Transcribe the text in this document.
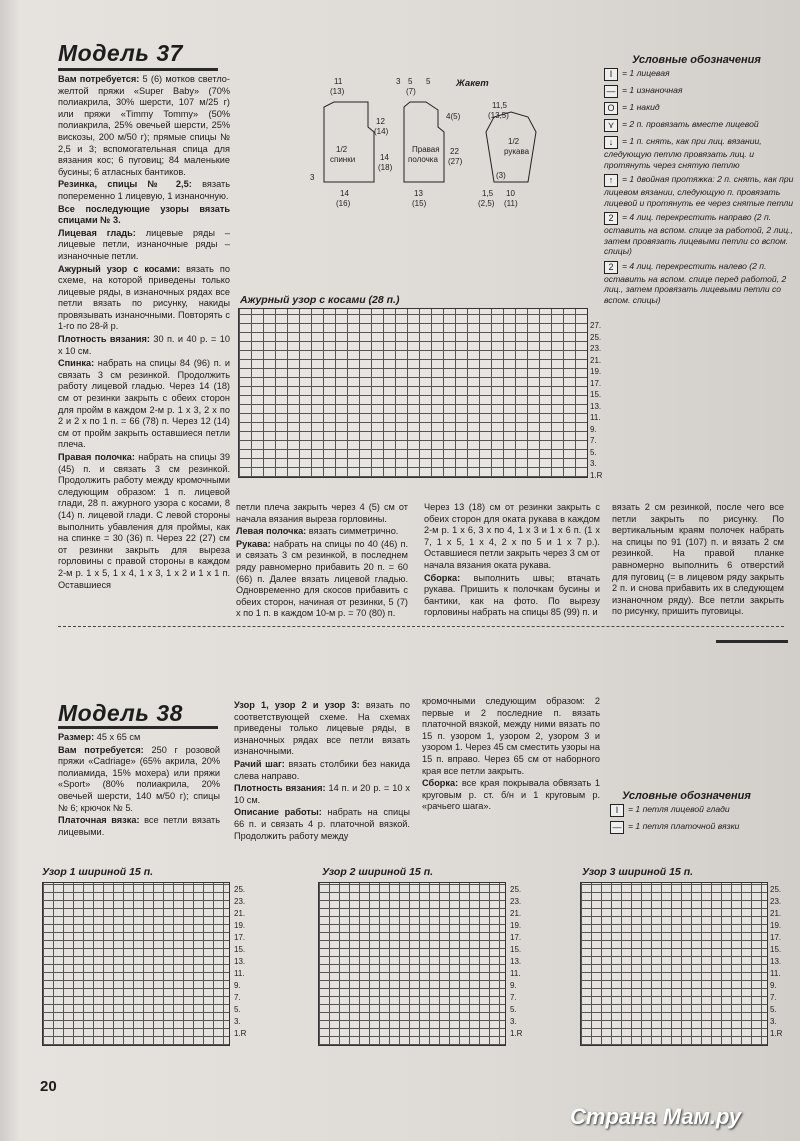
Модель 37

Вам потребуется: 5 (6) мотков светло-желтой пряжи «Super Baby» (70% полиакрила, 30% шерсти, 107 м/25 г) или пряжи «Timmy Tommy» (50% полиакрила, 25% овечьей шерсти, 25% вискозы, 200 м/50 г); прямые спицы № 2,5 и 3; вспомогательная спица для вязания кос; 6 пуговиц; 84 маленькие бусины; 6 атласных бантиков.

Резинка, спицы № 2,5: вязать попеременно 1 лицевую, 1 изнаночную.

Все последующие узоры вязать спицами № 3.

Лицевая гладь: лицевые ряды – лицевые петли, изнаночные ряды – изнаночные петли.

Ажурный узор с косами: вязать по схеме, на которой приведены только лицевые ряды, в изнаночных рядах все петли вязать по рисунку, накиды провязывать изнаночными. Повторять с 1-го по 28-й р.

Плотность вязания: 30 п. и 40 р. = 10 х 10 см.

Спинка: набрать на спицы 84 (96) п. и связать 3 см резинкой. Продолжить работу лицевой гладью. Через 14 (18) см от резинки закрыть с обеих сторон для пройм в каждом 2-м р. 1 х 3, 2 х по 2 и 2 х по 1 п. = 66 (78) п. Через 12 (14) см от пройм закрыть оставшиеся петли плеча.

Правая полочка: набрать на спицы 39 (45) п. и связать 3 см резинкой. Продолжить работу между кромочными следующим образом: 1 п. лицевой глади, 28 п. ажурного узора с косами, 8 (14) п. лицевой глади. С левой стороны выполнить убавления для проймы, как на спинке = 30 (36) п. Через 22 (27) см от резинки закрыть для выреза горловины с правой стороны в каждом 2-м р. 1 х 5, 1 х 4, 1 х 3, 1 х 2 и 1 х 1 п. Оставшиеся

11
(13)
3 5 5
(7)
11,5
(13,5)
12
(14)
4(5)
1/2
спинки	14
(18)
Правая
полочка
22
(27)
1/2
рукава
3	(3)
14
(16)
13
(15)
1,5
(2,5)
10
(11)
Жакет
Условные обозначения
I = 1 лицевая
— = 1 изнаночная
O = 1 накид
⋎ = 2 п. провязать вместе лицевой
↓ = 1 п. снять, как при лиц. вязании, следующую петлю провязать лиц. и протянуть через снятую петлю
↑ = 1 двойная протяжка: 2 п. снять, как при лицевом вязании, следующую п. провязать лицевой и протянуть ее через снятые петли
2 = 4 лиц. перекрестить направо (2 п. оставить на вспом. спице за работой, 2 лиц., затем провязать лицевыми петли со вспом. спицы)
2 = 4 лиц. перекрестить налево (2 п. оставить на вспом. спице перед работой, 2 лиц., затем провязать лицевыми петли со вспом. спицы)
Ажурный узор с косами (28 п.)
27.
25.
23.
21.
19.
17.
15.
13.
11.
9.
7.
5.
3.
1.R

петли плеча закрыть через 4 (5) см от начала вязания выреза горловины.

Левая полочка: вязать симметрично.

Рукава: набрать на спицы по 40 (46) п. и связать 3 см резинкой, в последнем ряду равномерно прибавить 20 п. = 60 (66) п. Далее вязать лицевой гладью. Одновременно для скосов прибавить с обеих сторон, начиная от резинки, 5 (7) х по 1 п. в каждом 10-м р. = 70 (80) п.

Через 13 (18) см от резинки закрыть с обеих сторон для оката рукава в каждом 2-м р. 1 х 6, 3 х по 4, 1 х 3 и 1 х 6 п. (1 х 7, 1 х 5, 1 х 4, 2 х по 5 и 1 х 7 р.). Оставшиеся петли закрыть через 3 см от начала вязания оката рукава.

Сборка: выполнить швы; втачать рукава. Пришить к полочкам бусины и бантики, как на фото. По вырезу горловины набрать на спицы 85 (99) п. и

вязать 2 см резинкой, после чего все петли закрыть по рисунку. По вертикальным краям полочек набрать на спицы по 91 (107) п. и вязать 2 см резинкой. На правой планке равномерно выполнить 6 отверстий для пуговиц (= в лицевом ряду закрыть 2 п. и снова прибавить их в следующем изнаночном ряду). Все петли закрыть по рисунку, пришить пуговицы.

Модель 38

Размер: 45 х 65 см

Вам потребуется: 250 г розовой пряжи «Cadriage» (65% акрила, 20% полиамида, 15% мохера) или пряжи «Sport» (80% полиакрила, 20% овечьей шерсти, 140 м/50 г); спицы № 6; крючок № 5.

Платочная вязка: все петли вязать лицевыми.

Узор 1, узор 2 и узор 3: вязать по соответствующей схеме. На схемах приведены только лицевые ряды, в изнаночных рядах все петли вязать изнаночными.

Рачий шаг: вязать столбики без накида слева направо.

Плотность вязания: 14 п. и 20 р. = 10 х 10 см.

Описание работы: набрать на спицы 66 п. и связать 4 р. платочной вязкой. Продолжить работу между

кромочными следующим образом: 2 первые и 2 последние п. вязать платочной вязкой, между ними вязать по 15 п. узором 1, узором 2, узором 3 и узором 1. Через 45 см сместить узоры на 15 п. вправо. Через 65 см от наборного края все петли закрыть.

Сборка: все края покрывала обвязать 1 круговым р. ст. б/н и 1 круговым р. «рачьего шага».

Условные обозначения
I = 1 петля лицевой глади
— = 1 петля платочной вязки
Узор 1 шириной 15 п.
25.
23.
21.
19.
17.
15.
13.
11.
9.
7.
5.
3.
1.R
Узор 2 шириной 15 п.
25.
23.
21.
19.
17.
15.
13.
11.
9.
7.
5.
3.
1.R
Узор 3 шириной 15 п.
25.
23.
21.
19.
17.
15.
13.
11.
9.
7.
5.
3.
1.R
20
Страна Мам.ру
